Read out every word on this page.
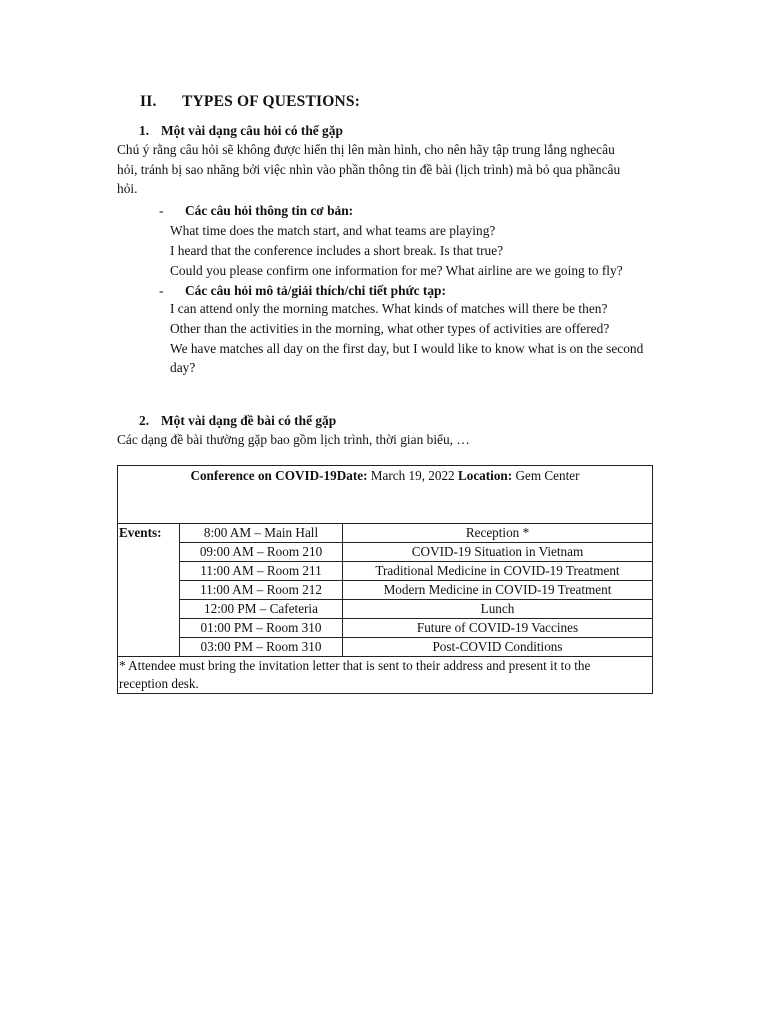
II. TYPES OF QUESTIONS:
1. Một vài dạng câu hỏi có thể gặp
Chú ý rằng câu hỏi sẽ không được hiển thị lên màn hình, cho nên hãy tập trung lắng nghecâu
hỏi, tránh bị sao nhãng bởi việc nhìn vào phần thông tin đề bài (lịch trình) mà bỏ qua phầncâu
hỏi.
- Các câu hỏi thông tin cơ bản:
What time does the match start, and what teams are playing?
I heard that the conference includes a short break. Is that true?
Could you please confirm one information for me? What airline are we going to fly?
- Các câu hỏi mô tả/giải thích/chi tiết phức tạp:
I can attend only the morning matches. What kinds of matches will there be then?
Other than the activities in the morning, what other types of activities are offered?
We have matches all day on the first day, but I would like to know what is on the second
day?
2. Một vài dạng đề bài có thể gặp
Các dạng đề bài thường gặp bao gồm lịch trình, thời gian biểu, …
Conference on COVID-19Date: March 19, 2022 Location: Gem Center		
Events:	8:00 AM – Main Hall	Reception *
	09:00 AM – Room 210	COVID-19 Situation in Vietnam
	11:00 AM – Room 211	Traditional Medicine in COVID-19 Treatment
	11:00 AM – Room 212	Modern Medicine in COVID-19 Treatment
	12:00 PM – Cafeteria	Lunch
	01:00 PM – Room 310	Future of COVID-19 Vaccines
	03:00 PM – Room 310	Post-COVID Conditions

* Attendee must bring the invitation letter that is sent to their address and present it to the
reception desk.		
